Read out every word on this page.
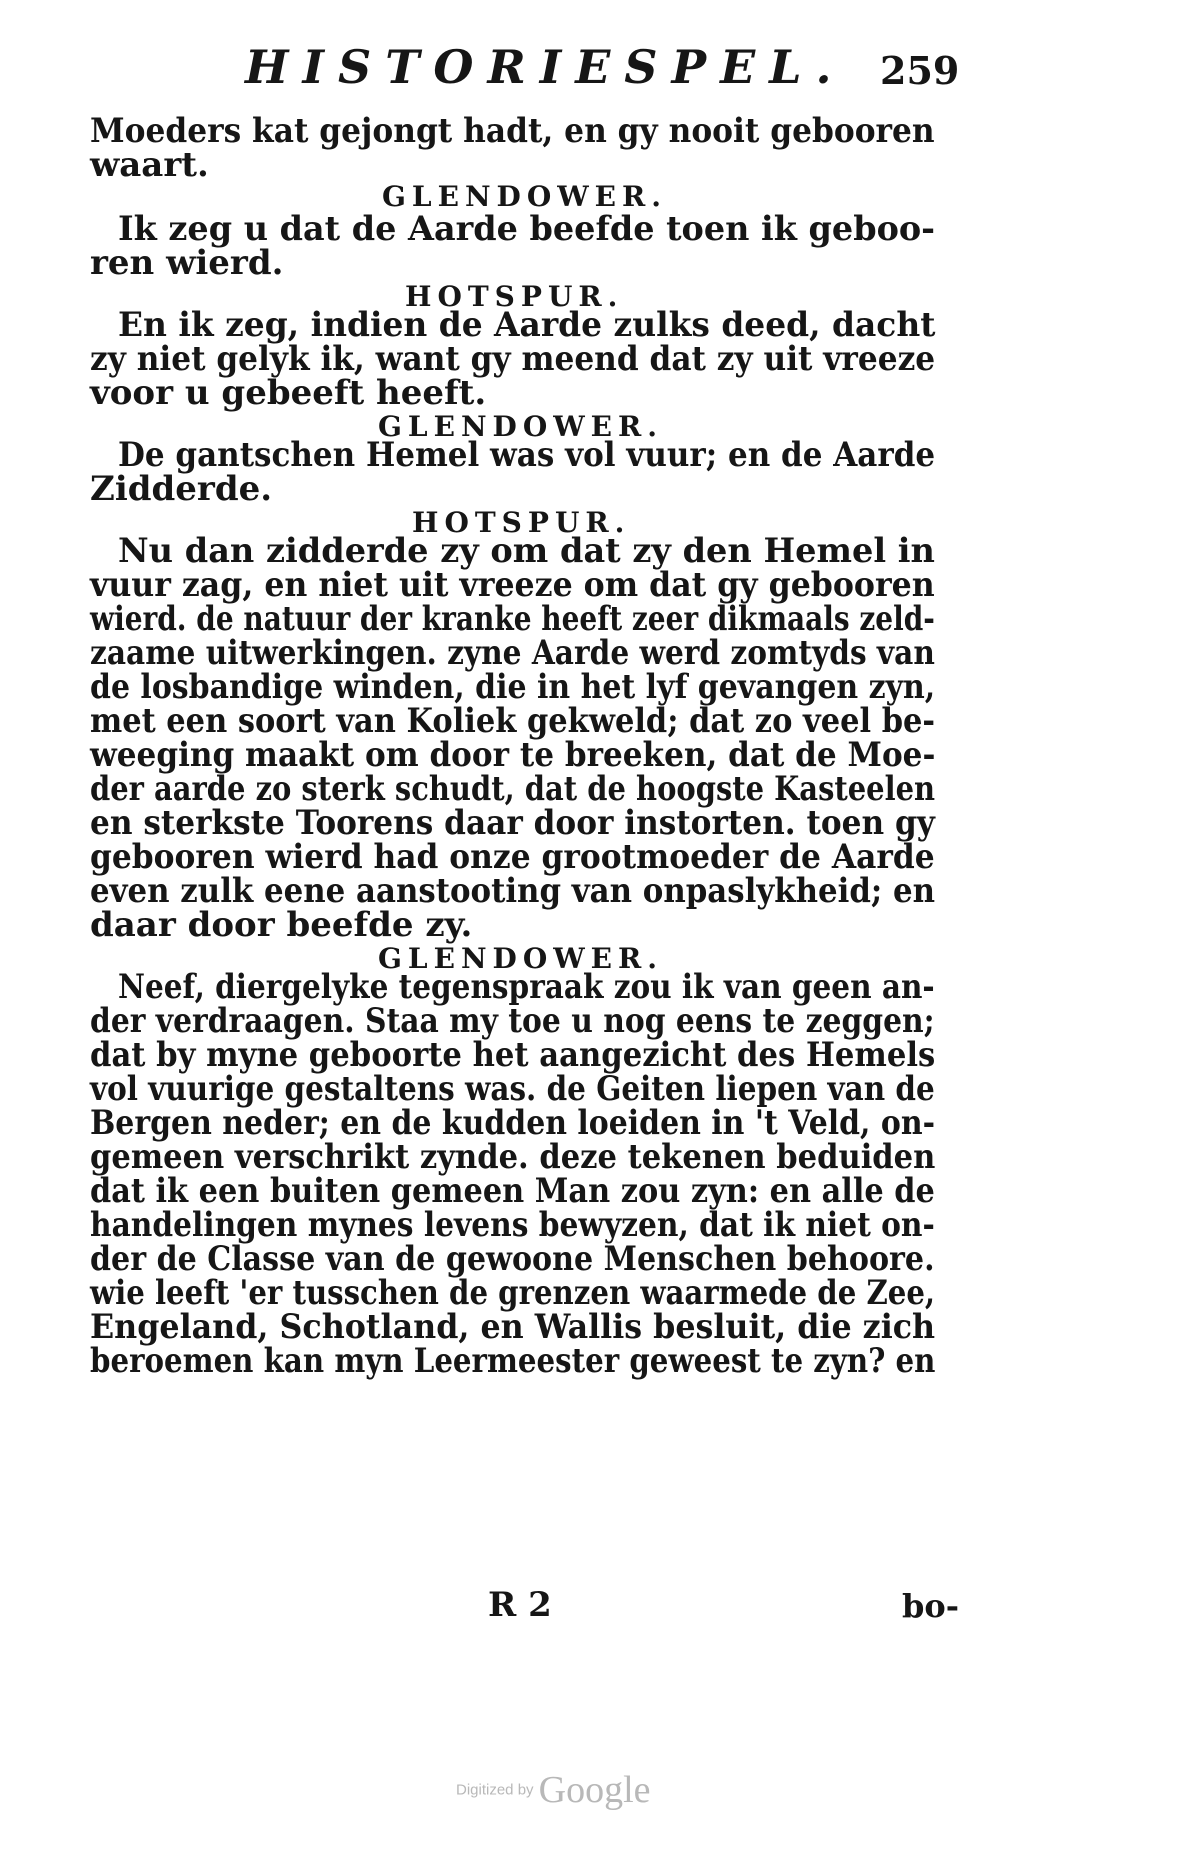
HISTORIESPEL. 259
Moeders kat gejongt hadt, en gy nooit gebooren
waart.
GLENDOWER.
Ik zeg u dat de Aarde beefde toen ik geboo-
ren wierd.
HOTSPUR.
En ik zeg, indien de Aarde zulks deed, dacht
zy niet gelyk ik, want gy meend dat zy uit vreeze
voor u gebeeft heeft.
GLENDOWER.
De gantschen Hemel was vol vuur; en de Aarde
Zidderde.
HOTSPUR.
Nu dan zidderde zy om dat zy den Hemel in
vuur zag, en niet uit vreeze om dat gy gebooren
wierd. de natuur der kranke heeft zeer dikmaals zeld-
zaame uitwerkingen. zyne Aarde werd zomtyds van
de losbandige winden, die in het lyf gevangen zyn,
met een soort van Koliek gekweld; dat zo veel be-
weeging maakt om door te breeken, dat de Moe-
der aarde zo sterk schudt, dat de hoogste Kasteelen
en sterkste Toorens daar door instorten. toen gy
gebooren wierd had onze grootmoeder de Aarde
even zulk eene aanstooting van onpaslykheid; en
daar door beefde zy.
GLENDOWER.
Neef, diergelyke tegenspraak zou ik van geen an-
der verdraagen. Staa my toe u nog eens te zeggen;
dat by myne geboorte het aangezicht des Hemels
vol vuurige gestaltens was. de Geiten liepen van de
Bergen neder; en de kudden loeiden in 't Veld, on-
gemeen verschrikt zynde. deze tekenen beduiden
dat ik een buiten gemeen Man zou zyn: en alle de
handelingen mynes levens bewyzen, dat ik niet on-
der de Classe van de gewoone Menschen behoore.
wie leeft 'er tusschen de grenzen waarmede de Zee,
Engeland, Schotland, en Wallis besluit, die zich
beroemen kan myn Leermeester geweest te zyn? en
R 2	bo-
Digitized by Google
